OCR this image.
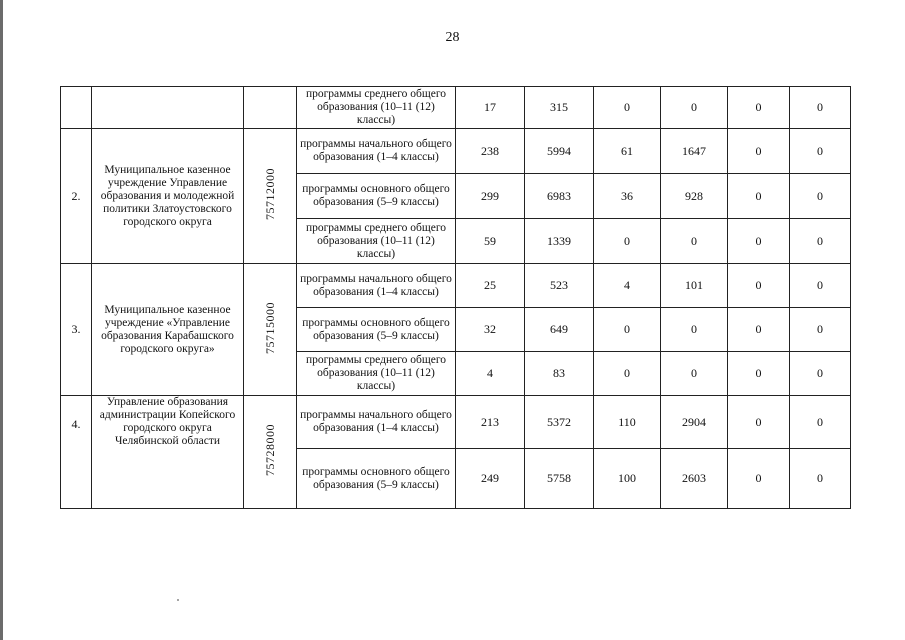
28
			программы среднего общего образования (10–11 (12) классы)	17	315	0	0	0	0
2.	Муниципальное казенное учреждение Управление образования и молодежной политики Златоустовского городского округа	75712000	программы начального общего образования (1–4 классы)	238	5994	61	1647	0	0
			программы основного общего образования (5–9 классы)	299	6983	36	928	0	0
			программы среднего общего образования (10–11 (12) классы)	59	1339	0	0	0	0
3.	Муниципальное казенное учреждение «Управление образования Карабашского городского округа»	75715000	программы начального общего образования (1–4 классы)	25	523	4	101	0	0
			программы основного общего образования (5–9 классы)	32	649	0	0	0	0
			программы среднего общего образования (10–11 (12) классы)	4	83	0	0	0	0
4.	Управление образования администрации Копейского городского округа Челябинской области	75728000	программы начального общего образования (1–4 классы)	213	5372	110	2904	0	0
			программы основного общего образования (5–9 классы)	249	5758	100	2603	0	0
